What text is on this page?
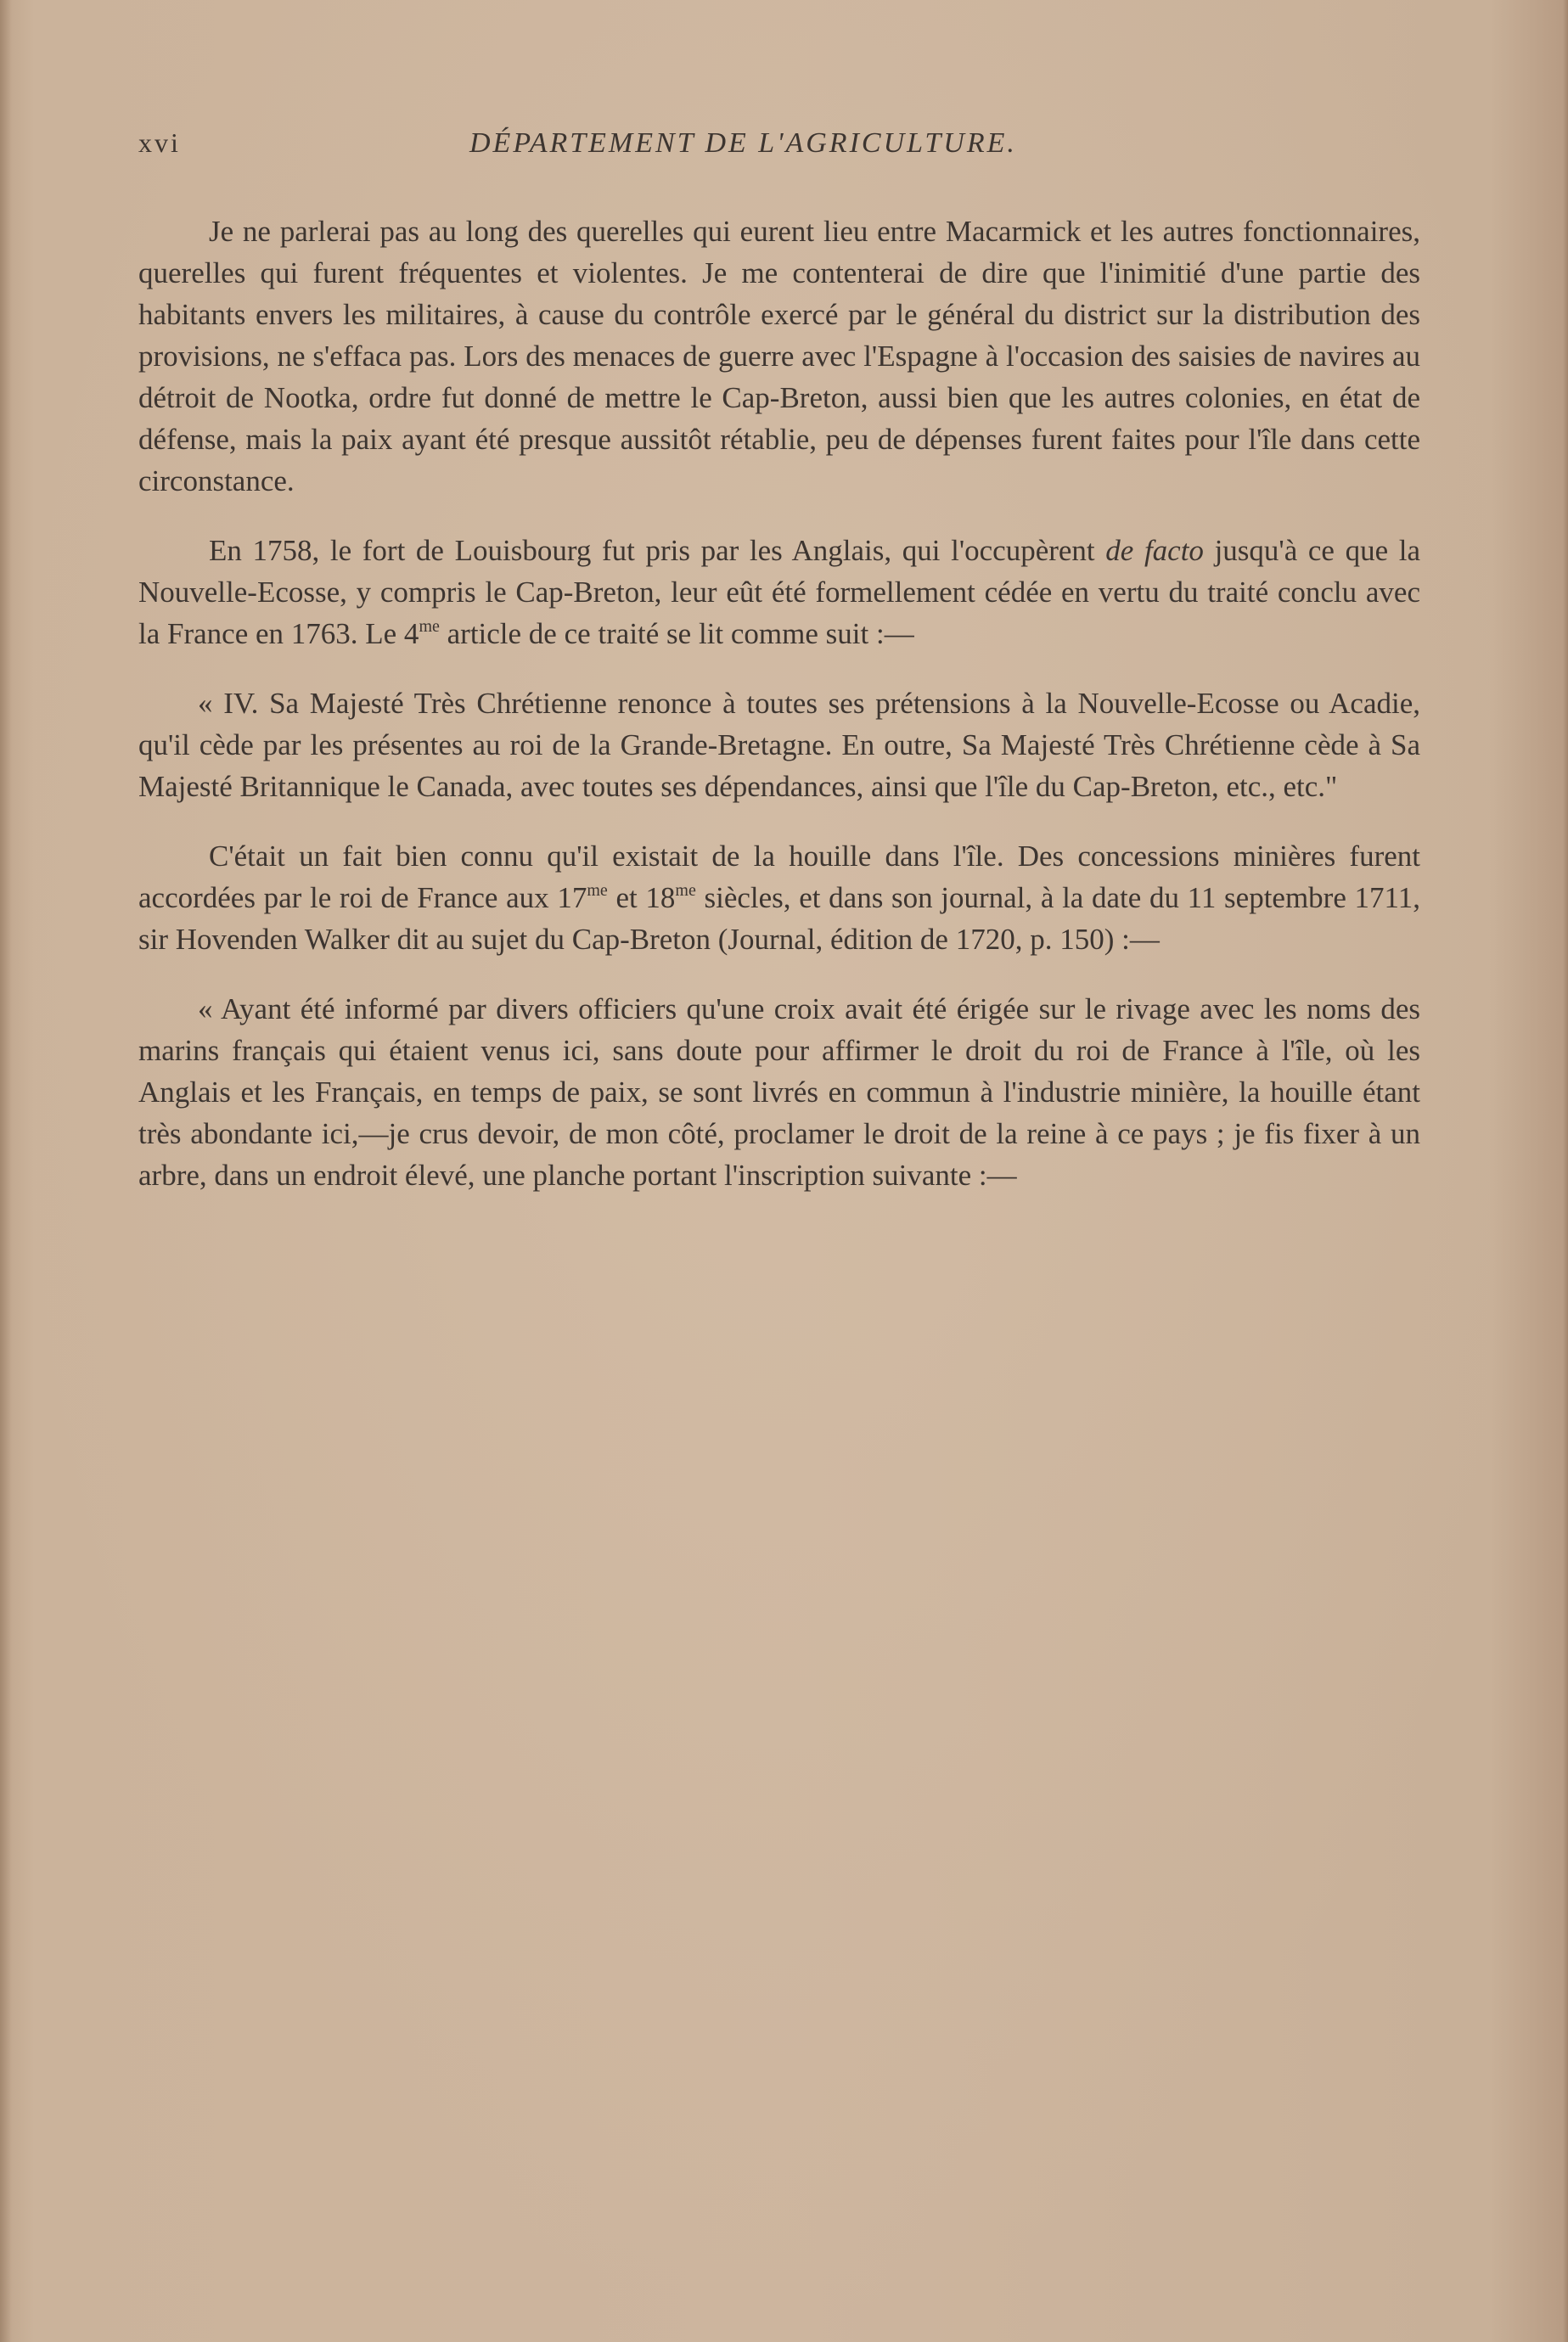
xvi	DÉPARTEMENT DE L'AGRICULTURE.

Je ne parlerai pas au long des querelles qui eurent lieu entre Macarmick et les autres fonctionnaires, querelles qui furent fréquentes et violentes. Je me contenterai de dire que l'inimitié d'une partie des habitants envers les militaires, à cause du contrôle exercé par le général du district sur la distribution des provisions, ne s'effaca pas. Lors des menaces de guerre avec l'Espagne à l'occasion des saisies de navires au détroit de Nootka, ordre fut donné de mettre le Cap-Breton, aussi bien que les autres colonies, en état de défense, mais la paix ayant été presque aussitôt rétablie, peu de dépenses furent faites pour l'île dans cette circonstance.

En 1758, le fort de Louisbourg fut pris par les Anglais, qui l'occupèrent de facto jusqu'à ce que la Nouvelle-Ecosse, y compris le Cap-Breton, leur eût été formellement cédée en vertu du traité conclu avec la France en 1763. Le $4^{me}$ article de ce traité se lit comme suit :—

« IV. Sa Majesté Très Chrétienne renonce à toutes ses prétensions à la Nouvelle-Ecosse ou Acadie, qu'il cède par les présentes au roi de la Grande-Bretagne. En outre, Sa Majesté Très Chrétienne cède à Sa Majesté Britannique le Canada, avec toutes ses dépendances, ainsi que l'île du Cap-Breton, etc., etc."

C'était un fait bien connu qu'il existait de la houille dans l'île. Des concessions minières furent accordées par le roi de France aux $17^{me}$ et $18^{me}$ siècles, et dans son journal, à la date du 11 septembre 1711, sir Hovenden Walker dit au sujet du Cap-Breton (Journal, édition de 1720, p. 150) :—

« Ayant été informé par divers officiers qu'une croix avait été érigée sur le rivage avec les noms des marins français qui étaient venus ici, sans doute pour affirmer le droit du roi de France à l'île, où les Anglais et les Français, en temps de paix, se sont livrés en commun à l'industrie minière, la houille étant très abondante ici,—je crus devoir, de mon côté, proclamer le droit de la reine à ce pays ; je fis fixer à un arbre, dans un endroit élevé, une planche portant l'inscription suivante :—
